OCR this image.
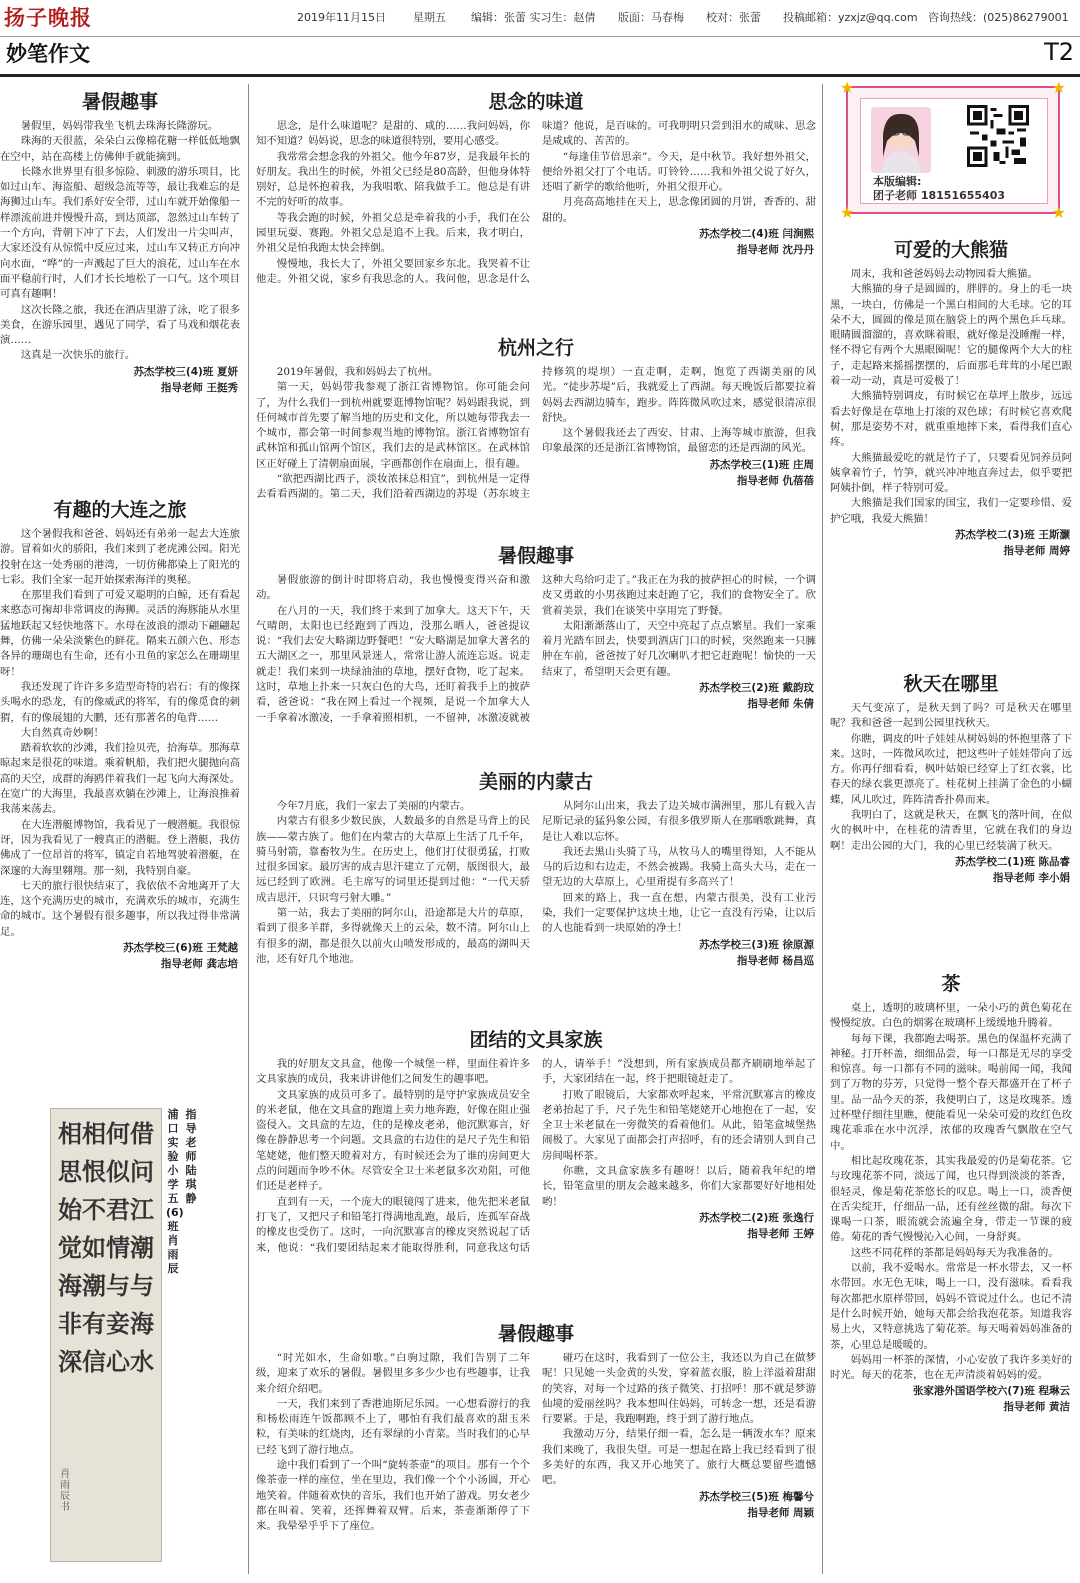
扬子晚报	2019年11月15日 星期五 编辑：张蕾 实习生：赵倩 版面：马春梅 校对：张蕾 投稿邮箱：yzxjz@qq.com 咨询热线：(025)86279001
妙笔作文	T2
暑假趣事

暑假里，妈妈带我坐飞机去珠海长隆游玩。

珠海的天很蓝，朵朵白云像棉花糖一样低低地飘在空中，站在高楼上仿佛伸手就能摘到。

长隆水世界里有很多惊险、刺激的游乐项目，比如过山车、海盗船、超级急流等等，最让我难忘的是海狮过山车。我们系好安全带，过山车就开始像船一样漂流前进并慢慢升高，到达顶部，忽然过山车转了一个方向，背朝下冲了下去，人们发出一片尖叫声，大家还没有从惊慌中反应过来，过山车又转正方向冲向水面，“哗”的一声溅起了巨大的浪花，过山车在水面平稳前行时，人们才长长地松了一口气。这个项目可真有趣啊！

这次长隆之旅，我还在酒店里游了泳，吃了很多美食，在游乐园里，遇见了同学，看了马戏和烟花表演……

这真是一次快乐的旅行。

苏杰学校三(4)班 夏妍
指导老师 王挺秀
有趣的大连之旅

这个暑假我和爸爸、妈妈还有弟弟一起去大连旅游。冒着如火的骄阳，我们来到了老虎滩公园。阳光投射在这一处秀丽的港湾，一切仿佛都染上了阳光的七彩。我们全家一起开始探索海洋的奥秘。

在那里我们看到了可爱又聪明的白鲸，还有看起来憨态可掬却非常调皮的海狮。灵活的海豚能从水里猛地跃起又轻快地落下。水母在波浪的漂动下翩翩起舞，仿佛一朵朵淡紫色的鲜花。隔来五颜六色、形态各异的珊瑚也有生命，还有小丑鱼的家怎么在珊瑚里呀！

我还发现了许许多多造型奇特的岩石：有的像探头喝水的恐龙，有的像威武的将军，有的像觅食的刺猬，有的像展翅的大鹏，还有那著名的龟背……

大自然真奇妙啊！

踏着软软的沙滩，我们捡贝壳，拾海草。那海草晾起来是很花的味道。乘着帆船，我们把火腿抛向高高的天空，成群的海鸥伴着我们一起飞向大海深处。在宽广的大海里，我最喜欢躺在沙滩上，让海浪推着我荡来荡去。

在大连潜艇博物馆，我看见了一艘潜艇。我很惊讶，因为我看见了一艘真正的潜艇。登上潜艇，我仿佛成了一位昂首的将军，镇定自若地驾驶着潜艇，在深邃的大海里翱翔。那一刻，我特别自豪。

七天的旅行很快结束了，我依依不舍地离开了大连，这个充满历史的城市，充满欢乐的城市，充满生命的城市。这个暑假有很多趣事，所以我过得非常满足。

苏杰学校三(6)班 王梵越
指导老师 龚志培
借问江潮与海水
何似君情与妾心
相恨不如潮有信
肖雨辰书
相思始觉海非深
指导老师 陆琪静
浦口实验小学五(6)班 肖雨辰
思念的味道

思念，是什么味道呢？是甜的、咸的……我问妈妈，你知不知道？妈妈说，思念的味道很特别，要用心感受。

我常常会想念我的外祖父。他今年87岁，是我最年长的好朋友。我出生的时候，外祖父已经是80高龄，但他身体特别好，总是怀抱着我，为我唱歌、陪我做手工。他总是有讲不完的好听的故事。

等我会跑的时候，外祖父总是牵着我的小手，我们在公园里玩耍、赛跑。外祖父总是追不上我。后来，我才明白，外祖父是怕我跑太快会摔倒。

慢慢地，我长大了，外祖父要回家乡东北。我哭着不让他走。外祖父说，家乡有我思念的人。我问他，思念是什么味道？他说，是百味的。可我明明只尝到泪水的咸味、思念是咸咸的、苦苦的。

“每逢佳节倍思亲”。今天，是中秋节。我好想外祖父，便给外祖父打了个电话。叮铃铃……我和外祖父说了好久，还唱了新学的歌给他听，外祖父很开心。

月亮高高地挂在天上，思念像团圆的月饼，香香的、甜甜的。

苏杰学校二(4)班 闫涧熙
指导老师 沈丹丹
杭州之行

2019年暑假，我和妈妈去了杭州。

第一天，妈妈带我参观了浙江省博物馆。你可能会问了，为什么我们一到杭州就要逛博物馆呢？妈妈跟我说，到任何城市首先要了解当地的历史和文化，所以她每带我去一个城市，都会第一时间参观当地的博物馆。浙江省博物馆有武林馆和孤山馆两个馆区，我们去的是武林馆区。在武林馆区正好碰上了清朝扇面展，字画都创作在扇面上，很有趣。

“欲把西湖比西子，淡妆浓抹总相宜”，到杭州是一定得去看看西湖的。第二天，我们沿着西湖边的苏堤（苏东坡主持修筑的堤坝）一直走啊，走啊，饱览了西湖美丽的风光。“徒步苏堤”后，我就爱上了西湖。每天晚饭后都要拉着妈妈去西湖边骑车，跑步。阵阵微风吹过来，感觉很清凉很舒快。

这个暑假我还去了西安、甘肃、上海等城市旅游，但我印象最深的还是浙江省博物馆，最留恋的还是西湖的风光。

苏杰学校三(1)班 庄周
指导老师 仇蓓蓓
暑假趣事

暑假旅游的倒计时即将启动，我也慢慢变得兴奋和激动。

在八月的一天，我们终于来到了加拿大。这天下午，天气晴朗，太阳也已经跑到了西边，没那么晒人，爸爸提议说：“我们去安大略湖边野餐吧！”安大略湖是加拿大著名的五大湖区之一，那里风景迷人，常常让游人流连忘返。说走就走！我们来到一块绿油油的草地，摆好食物，吃了起来。这时，草地上扑来一只灰白色的大鸟，还盯着我手上的披萨看，爸爸说：“我在网上看过一个视频，是说一个加拿大人一手拿着冰激凌，一手拿着照相机，一不留神，冰激凌就被这种大鸟给叼走了。”我正在为我的披萨担心的时候，一个调皮又勇敢的小男孩跑过来赶跑了它，我们的食物安全了。欣赏着美景，我们在谈笑中享用完了野餐。

太阳渐渐落山了，天空中亮起了点点繁星。我们一家乘着月光踏车回去，快要到酒店门口的时候，突然跑来一只臃肿在车前，爸爸按了好几次喇叭才把它赶跑呢！愉快的一天结束了，希望明天会更有趣。

苏杰学校三(2)班 戴韵玟
指导老师 朱倩
美丽的内蒙古

今年7月底，我们一家去了美丽的内蒙古。

内蒙古有很多少数民族，人数最多的自然是马背上的民族——蒙古族了。他们在内蒙古的大草原上生活了几千年，骑马射箭，靠畜牧为生。在历史上，他们打仗很勇猛，打败过很多国家。最厉害的成吉思汗建立了元朝，版图很大，最远已经到了欧洲。毛主席写的词里还提到过他：“一代天骄成吉思汗，只识弯弓射大雕。”

第一站，我去了美丽的阿尔山，沿途都是大片的草原，看到了很多羊群，多得就像天上的云朵，数不清。阿尔山上有很多的湖，都是很久以前火山喷发形成的，最高的湖叫天池，还有好几个地池。

从阿尔山出来，我去了边关城市满洲里，那儿有载入吉尼斯记录的猛犸象公园，有很多俄罗斯人在那晒歌跳舞，真是让人难以忘怀。

我还去黑山头骑了马，从牧马人的嘴里得知，人不能从马的后边和右边走，不然会被踢。我骑上高头大马，走在一望无边的大草原上，心里甭提有多高兴了！

回来的路上，我一直在想，内蒙古很美，没有工业污染，我们一定要保护这块土地，让它一直没有污染，让以后的人也能看到一块原始的净土！

苏杰学校三(3)班 徐原源
指导老师 杨昌巡
团结的文具家族

我的好朋友文具盒，他像一个城堡一样，里面住着许多文具家族的成员，我来讲讲他们之间发生的趣事吧。

文具家族的成员可多了。最特别的是守护家族成员安全的米老鼠，他在文具盒的跑道上卖力地奔跑，好像在阻止强盗侵入。文具盒的左边，住的是橡皮老弟，他沉默寡言，好像在静静思考一个问题。文具盒的右边住的是尺子先生和铅笔姥姥，他们整天瞪着对方，有时候还会为了谁的房间更大点的问题而争吵不休。尽管安全卫士米老鼠多次劝阻，可他们还是老样子。

直到有一天，一个庞大的眼镜闯了进来，他先把米老鼠打飞了，又把尺子和铅笔打得满地乱跑，最后，连孤军奋战的橡皮也受伤了。这时，一向沉默寡言的橡皮突然说起了话来，他说：“我们要团结起来才能取得胜利，同意我这句话的人，请举手！”没想到，所有家族成员都齐刷刷地举起了手，大家团结在一起，终于把眼镜赶走了。

打败了眼镜后，大家都欢呼起来，平常沉默寡言的橡皮老弟抬起了手，尺子先生和铅笔姥姥开心地抱在了一起，安全卫士米老鼠在一旁微笑的看着他们。从此，铅笔盒城堡热闹极了。大家见了面都会打声招呼，有的还会请别人到自己房间喝杯茶。

你瞧，文具盒家族多有趣呀！以后，随着我年纪的增长，铅笔盒里的朋友会越来越多，你们大家都要好好地相处哟！

苏杰学校二(2)班 张逸行
指导老师 王婷
暑假趣事

“时光如水，生命如歌。”白驹过隙，我们告别了二年级，迎来了欢乐的暑假。暑假里多多少少也有些趣事，让我来介绍介绍吧。

一天，我们来到了香港迪斯尼乐园。一心想看游行的我和杨松雨连午饭都顾不上了，哪怕有我们最喜欢的甜玉米粒，有美味的红烧肉，还有翠绿的小青菜。当时我们的心早已经飞到了游行地点。

途中我们看到了一个叫“旋转茶壶”的项目。那有一个个像茶壶一样的座位，坐在里边，我们像一个个小汤圆，开心地笑着。伴随着欢快的音乐，我们也开始了游戏。男女老少都在叫着、笑着，还挥舞着双臂。后来，茶壶渐渐停了下来。我晕晕乎乎下了座位。

碰巧在这时，我看到了一位公主，我还以为自己在做梦呢！只见她一头金黄的头发，穿着蓝衣服，脸上洋溢着甜甜的笑容，对每一个过路的孩子微笑、打招呼！那不就是梦游仙境的爱丽丝吗？我本想叫住妈妈，可转念一想，还是看游行要紧。于是，我跑啊跑，终于到了游行地点。

我激动万分，结果仔细一看，怎么是一辆泼水车？原来我们来晚了，我很失望。可是一想起在路上我已经看到了很多美好的东西，我又开心地笑了。旅行大概总要留些遗憾吧。

苏杰学校三(5)班 梅馨兮
指导老师 周颖
★	★
★	★
本版编辑:
团子老师 18151655403
可爱的大熊猫

周末，我和爸爸妈妈去动物园看大熊猫。

大熊猫的身子是圆圆的，胖胖的。身上的毛一块黑，一块白，仿佛是一个黑白相间的大毛球。它的耳朵不大，圆圆的像是顶在脑袋上的两个黑色乒乓球。眼睛圆溜溜的，喜欢眯着眼，就好像是没睡醒一样，怪不得它有两个大黑眼圈呢！它的腿像两个大大的柱子，走起路来摇摇摆摆的，后面那毛茸茸的小尾巴跟着一动一动，真是可爱极了！

大熊猫特别调皮，有时候它在草坪上散步，远远看去好像是在草地上打滚的双色球；有时候它喜欢爬树，那是姿势不对，就重重地摔下来，看得我们直心疼。

大熊猫最爱吃的就是竹子了，只要看见饲养员阿姨拿着竹子，竹笋，就兴冲冲地直奔过去，似乎要把阿姨扑倒，样子特别可爱。

大熊猫是我们国家的国宝，我们一定要珍惜、爱护它哦，我爱大熊猫！

苏杰学校二(3)班 王斯灏
指导老师 周婷
秋天在哪里

天气变凉了，是秋天到了吗？可是秋天在哪里呢？我和爸爸一起到公园里找秋天。

你瞧，调皮的叶子娃娃从树妈妈的怀抱里落了下来。这时，一阵微风吹过，把这些叶子娃娃带向了远方。你再仔细看看，枫叶姑娘已经穿上了红衣裳，比春天的绿衣裳更漂亮了。桂花树上挂满了金色的小蝴蝶，风儿吹过，阵阵清香扑鼻而来。

我明白了，这就是秋天，在飘飞的落叶间，在似火的枫叶中，在桂花的清香里，它就在我们的身边啊！走出公园的大门，我的心里已经装满了秋天。

苏杰学校二(1)班 陈品睿
指导老师 李小娟
茶

桌上，透明的玻璃杯里，一朵小巧的黄色菊花在慢慢绽放。白色的烟雾在玻璃杯上缓缓地升腾着。

每每下课，我都跑去喝茶。黑色的保温杯充满了神秘。打开杯盖，细细品尝，每一口都是无尽的享受和惊喜。每一口都有不同的滋味。喝前闻一闻，我闻到了万物的芬芳，只觉得一整个春天都盛开在了杯子里。品一品今天的茶，我便明白了，这是玫瑰茶。透过杯壁仔细往里瞧，便能看见一朵朵可爱的玫红色玫瑰花乖乖在水中沉浮，浓郁的玫瑰香气飘散在空气中。

相比起玫瑰花茶，其实我最爱的仍是菊花茶。它与玫瑰花茶不同，淡远了闻，也只得到淡淡的茶香，很轻灵，像是菊花茶悠长的叹息。喝上一口，淡香便在舌尖绽开，仔细品一品，还有丝丝微的甜。每次下课喝一口茶，眼流就会流遍全身，带走一节课的疲倦。菊花的香气慢慢沁入心间，一身舒爽。

这些不同花样的茶都是妈妈每天为我准备的。

以前，我不爱喝水。常常是一杯水带去，又一杯水带回。水无色无味，喝上一口，没有滋味。看看我每次都把水原样带回，妈妈不管说过什么。也记不清是什么时候开始，她每天都会给我泡花茶。知道我容易上火，又特意挑选了菊花茶。每天喝着妈妈准备的茶，心里总是暖暖的。

妈妈用一杯茶的深情，小心安放了我许多美好的时光。每天的花茶，也在无声清淡着妈妈的爱。

张家港外国语学校六(7)班 程琳云
指导老师 黄洁
